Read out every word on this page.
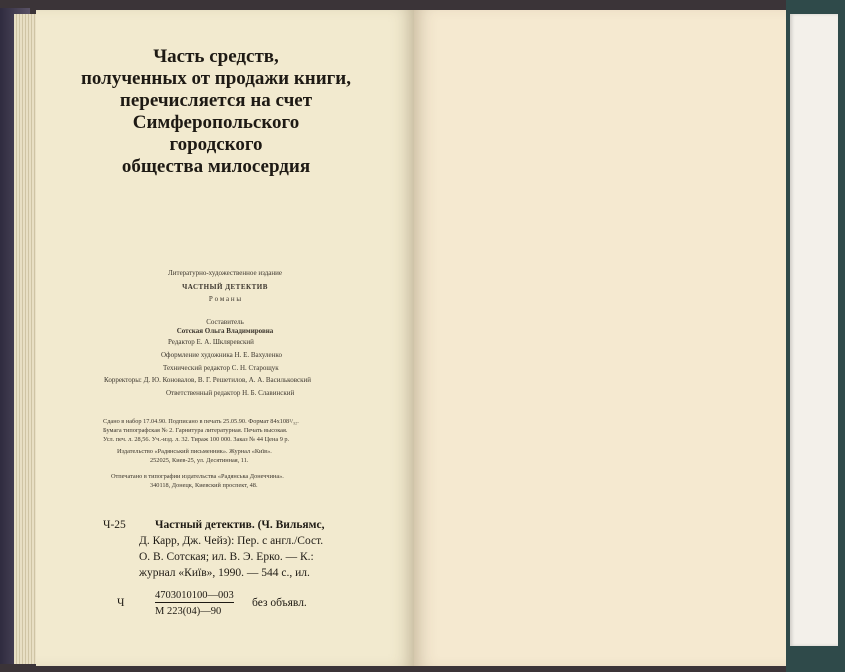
Часть средств,
полученных от продажи книги,
перечисляется на счет
Симферопольского
городского
общества милосердия
Литературно-художественное издание
ЧАСТНЫЙ ДЕТЕКТИВ
Р о м а н ы
Составитель
Сотская Ольга Владимировна
Редактор Е. А. Шкляревский
Оформление художника Н. Е. Вахуленко
Технический редактор С. Н. Старощук
Корректоры: Д. Ю. Коновалов, В. Г. Решетилов, А. А. Васильковский
Ответственный редактор Н. Б. Славинский
Сдано в набор 17.04.90. Подписано в печать 25.05.90. Формат 84x108¹/₃₂.
Бумага типографская № 2. Гарнитура литературная. Печать высокая.
Усл. печ. л. 28,56. Уч.-изд. л. 32. Тираж 100 000. Заказ № 44 Цена 9 р.
Издательство «Радянський письменник». Журнал «Київ».
252025, Киев-25, ул. Десятинная, 11.
Отпечатано в типографии издательства «Радянська Донеччина».
340118, Донецк, Киевский проспект, 48.
Ч-25	Частный детектив. (Ч. Вильямс,
Д. Карр, Дж. Чейз): Пер. с англ./Сост.
О. В. Сотская; ил. В. Э. Ерко. — К.:
журнал «Київ», 1990. — 544 с., ил.
Ч
4703010100—003
М 223(04)—90
без объявл.
